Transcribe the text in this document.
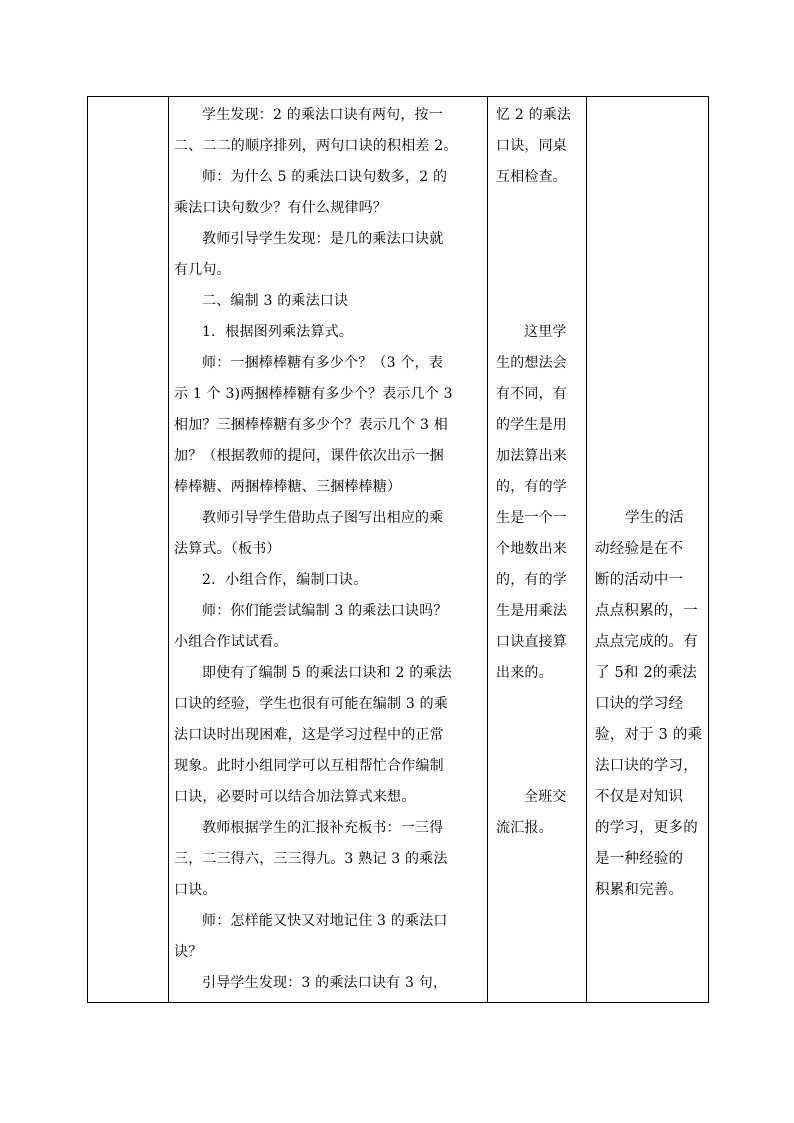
学生发现：2 的乘法口诀有两句，按一
二、二二的顺序排列，两句口诀的积相差 2。
师：为什么 5 的乘法口诀句数多，2 的
乘法口诀句数少？有什么规律吗？
教师引导学生发现：是几的乘法口诀就
有几句。
二、编制 3 的乘法口诀
1．根据图列乘法算式。
师：一捆棒棒糖有多少个？（3 个，表
示 1 个 3)两捆棒棒糖有多少个？表示几个 3
相加？三捆棒棒糖有多少个？表示几个 3 相
加？（根据教师的提问，课件依次出示一捆
棒棒糖、两捆棒棒糖、三捆棒棒糖）
教师引导学生借助点子图写出相应的乘
法算式。（板书）
2．小组合作，编制口诀。
师：你们能尝试编制 3 的乘法口诀吗？
小组合作试试看。
即使有了编制 5 的乘法口诀和 2 的乘法
口诀的经验，学生也很有可能在编制 3 的乘
法口诀时出现困难，这是学习过程中的正常
现象。此时小组同学可以互相帮忙合作编制
口诀，必要时可以结合加法算式来想。
教师根据学生的汇报补充板书：一三得
三，二三得六，三三得九。3 熟记 3 的乘法
口诀。
师：怎样能又快又对地记住 3 的乘法口
诀？
引导学生发现：3 的乘法口诀有 3 句，

忆 2 的乘法
口诀，同桌
互相检查。
这里学
生的想法会
有不同，有
的学生是用
加法算出来
的，有的学
生是一个一
个地数出来
的，有的学
生是用乘法
口诀直接算
出来的。
全班交
流汇报。

学生的活
动经验是在不
断的活动中一
点点积累的，一
点点完成的。有
了 5和 2的乘法
口诀的学习经
验，对于 3 的乘
法口诀的学习，
不仅是对知识
的学习，更多的
是一种经验的
积累和完善。
